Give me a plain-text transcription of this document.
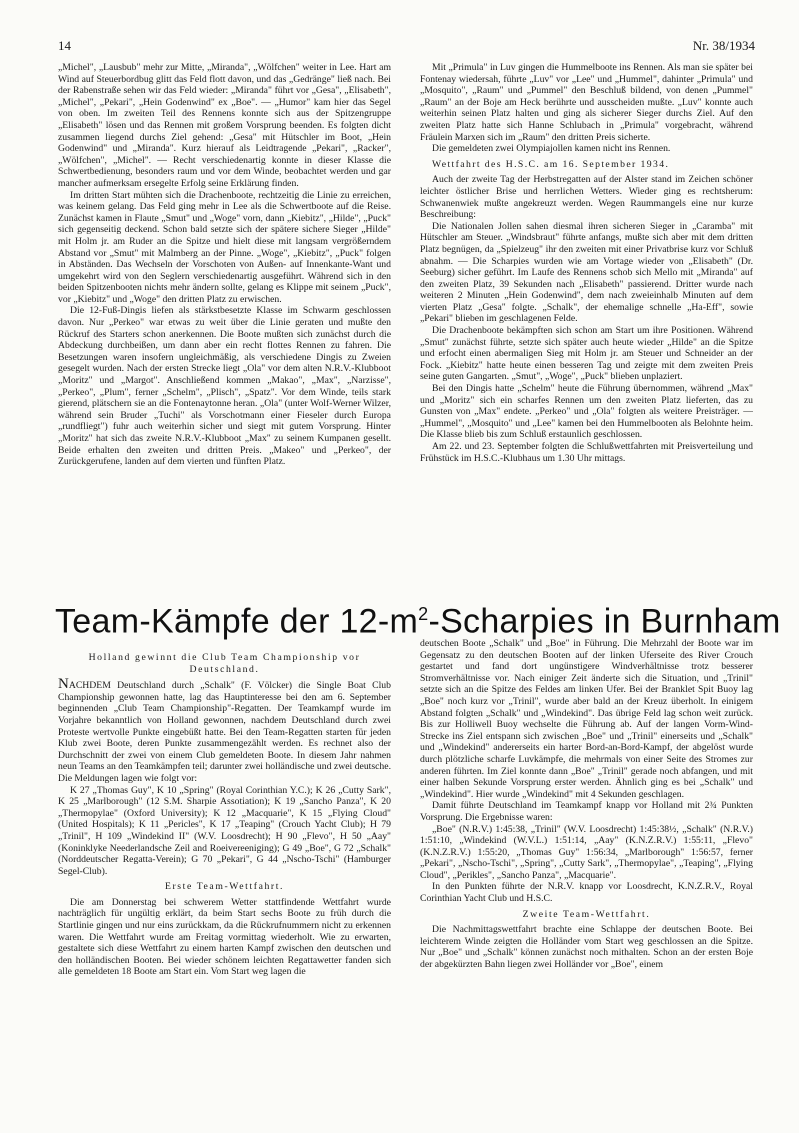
14	Nr. 38/1934

„Michel", „Lausbub" mehr zur Mitte, „Miranda", „Wölfchen" weiter in Lee. Hart am Wind auf Steuerbordbug glitt das Feld flott davon, und das „Gedränge" ließ nach. Bei der Rabenstraße sehen wir das Feld wieder: „Miranda" führt vor „Gesa", „Elisabeth", „Michel", „Pekari", „Hein Godenwind" ex „Boe". — „Humor" kam hier das Segel von oben. Im zweiten Teil des Rennens konnte sich aus der Spitzengruppe „Elisabeth" lösen und das Rennen mit großem Vorsprung beenden. Es folgten dicht zusammen liegend durchs Ziel gehend: „Gesa" mit Hütschler im Boot, „Hein Godenwind" und „Miranda". Kurz hierauf als Leidtragende „Pekari", „Racker", „Wölfchen", „Michel". — Recht verschiedenartig konnte in dieser Klasse die Schwertbedienung, besonders raum und vor dem Winde, beobachtet werden und gar mancher aufmerksam ersegelte Erfolg seine Erklärung finden.

Im dritten Start mühten sich die Drachenboote, rechtzeitig die Linie zu erreichen, was keinem gelang. Das Feld ging mehr in Lee als die Schwertboote auf die Reise. Zunächst kamen in Flaute „Smut" und „Woge" vorn, dann „Kiebitz", „Hilde", „Puck" sich gegenseitig deckend. Schon bald setzte sich der spätere sichere Sieger „Hilde" mit Holm jr. am Ruder an die Spitze und hielt diese mit langsam vergrößerndem Abstand vor „Smut" mit Malmberg an der Pinne. „Woge", „Kiebitz", „Puck" folgen in Abständen. Das Wechseln der Vorschoten von Außen- auf Innenkante-Want und umgekehrt wird von den Seglern verschiedenartig ausgeführt. Während sich in den beiden Spitzenbooten nichts mehr ändern sollte, gelang es Klippe mit seinem „Puck", vor „Kiebitz" und „Woge" den dritten Platz zu erwischen.

Die 12-Fuß-Dingis liefen als stärkstbesetzte Klasse im Schwarm geschlossen davon. Nur „Perkeo" war etwas zu weit über die Linie geraten und mußte den Rückruf des Starters schon anerkennen. Die Boote mußten sich zunächst durch die Abdeckung durchbeißen, um dann aber ein recht flottes Rennen zu fahren. Die Besetzungen waren insofern ungleichmäßig, als verschiedene Dingis zu Zweien gesegelt wurden. Nach der ersten Strecke liegt „Ola" vor dem alten N.R.V.-Klubboot „Moritz" und „Margot". Anschließend kommen „Makao", „Max", „Narzisse", „Perkeo", „Plum", ferner „Schelm", „Plisch", „Spatz". Vor dem Winde, teils stark gierend, plätschern sie an die Fontenaytonne heran. „Ola" (unter Wolf-Werner Wilzer, während sein Bruder „Tuchi" als Vorschotmann einer Fieseler durch Europa „rundfliegt") fuhr auch weiterhin sicher und siegt mit gutem Vorsprung. Hinter „Moritz" hat sich das zweite N.R.V.-Klubboot „Max" zu seinem Kumpanen gesellt. Beide erhalten den zweiten und dritten Preis. „Makeo" und „Perkeo", der Zurückgerufene, landen auf dem vierten und fünften Platz.

Mit „Primula" in Luv gingen die Hummelboote ins Rennen. Als man sie später bei Fontenay wiedersah, führte „Luv" vor „Lee" und „Hummel", dahinter „Primula" und „Mosquito", „Raum" und „Pummel" den Beschluß bildend, von denen „Pummel" „Raum" an der Boje am Heck berührte und ausscheiden mußte. „Luv" konnte auch weiterhin seinen Platz halten und ging als sicherer Sieger durchs Ziel. Auf den zweiten Platz hatte sich Hanne Schlubach in „Primula" vorgebracht, während Fräulein Marxen sich im „Raum" den dritten Preis sicherte.

Die gemeldeten zwei Olympiajollen kamen nicht ins Rennen.

Wettfahrt des H.S.C. am 16. September 1934.

Auch der zweite Tag der Herbstregatten auf der Alster stand im Zeichen schöner leichter östlicher Brise und herrlichen Wetters. Wieder ging es rechtsherum: Schwanenwiek mußte angekreuzt werden. Wegen Raummangels eine nur kurze Beschreibung:

Die Nationalen Jollen sahen diesmal ihren sicheren Sieger in „Caramba" mit Hütschler am Steuer. „Windsbraut" führte anfangs, mußte sich aber mit dem dritten Platz begnügen, da „Spielzeug" ihr den zweiten mit einer Privatbrise kurz vor Schluß abnahm. — Die Scharpies wurden wie am Vortage wieder von „Elisabeth" (Dr. Seeburg) sicher geführt. Im Laufe des Rennens schob sich Mello mit „Miranda" auf den zweiten Platz, 39 Sekunden nach „Elisabeth" passierend. Dritter wurde nach weiteren 2 Minuten „Hein Godenwind", dem nach zweieinhalb Minuten auf dem vierten Platz „Gesa" folgte. „Schalk", der ehemalige schnelle „Ha-Eff", sowie „Pekari" blieben im geschlagenen Felde.

Die Drachenboote bekämpften sich schon am Start um ihre Positionen. Während „Smut" zunächst führte, setzte sich später auch heute wieder „Hilde" an die Spitze und erfocht einen abermaligen Sieg mit Holm jr. am Steuer und Schneider an der Fock. „Kiebitz" hatte heute einen besseren Tag und zeigte mit dem zweiten Preis seine guten Gangarten. „Smut", „Woge", „Puck" blieben unplaziert.

Bei den Dingis hatte „Schelm" heute die Führung übernommen, während „Max" und „Moritz" sich ein scharfes Rennen um den zweiten Platz lieferten, das zu Gunsten von „Max" endete. „Perkeo" und „Ola" folgten als weitere Preisträger. — „Hummel", „Mosquito" und „Lee" kamen bei den Hummelbooten als Belohnte heim. Die Klasse blieb bis zum Schluß erstaunlich geschlossen.

Am 22. und 23. September folgten die Schlußwettfahrten mit Preisverteilung und Frühstück im H.S.C.-Klubhaus um 1.30 Uhr mittags.

Team-Kämpfe der $12-m^2$-Scharpies in Burnham

Holland gewinnt die Club Team Championship vor Deutschland.

NACHDEM Deutschland durch „Schalk" (F. Völcker) die Single Boat Club Championship gewonnen hatte, lag das Hauptinteresse bei den am 6. September beginnenden „Club Team Championship"-Regatten. Der Teamkampf wurde im Vorjahre bekanntlich von Holland gewonnen, nachdem Deutschland durch zwei Proteste wertvolle Punkte eingebüßt hatte. Bei den Team-Regatten starten für jeden Klub zwei Boote, deren Punkte zusammengezählt werden. Es rechnet also der Durchschnitt der zwei von einem Club gemeldeten Boote. In diesem Jahr nahmen neun Teams an den Teamkämpfen teil; darunter zwei holländische und zwei deutsche. Die Meldungen lagen wie folgt vor:

K 27 „Thomas Guy", K 10 „Spring" (Royal Corinthian Y.C.); K 26 „Cutty Sark", K 25 „Marlborough" (12 S.M. Sharpie Assotiation); K 19 „Sancho Panza", K 20 „Thermopylae" (Oxford University); K 12 „Macquarie", K 15 „Flying Cloud" (United Hospitals); K 11 „Pericles", K 17 „Teaping" (Crouch Yacht Club); H 79 „Trinil", H 109 „Windekind II" (W.V. Loosdrecht); H 90 „Flevo", H 50 „Aay" (Koninklyke Neederlandsche Zeil and Roeivereeniging); G 49 „Boe", G 72 „Schalk" (Norddeutscher Regatta-Verein); G 70 „Pekari", G 44 „Nscho-Tschi" (Hamburger Segel-Club).

Erste Team-Wettfahrt.

Die am Donnerstag bei schwerem Wetter stattfindende Wettfahrt wurde nachträglich für ungültig erklärt, da beim Start sechs Boote zu früh durch die Startlinie gingen und nur eins zurückkam, da die Rückrufnummern nicht zu erkennen waren. Die Wettfahrt wurde am Freitag vormittag wiederholt. Wie zu erwarten, gestaltete sich diese Wettfahrt zu einem harten Kampf zwischen den deutschen und den holländischen Booten. Bei wieder schönem leichten Regattawetter fanden sich alle gemeldeten 18 Boote am Start ein. Vom Start weg lagen die

deutschen Boote „Schalk" und „Boe" in Führung. Die Mehrzahl der Boote war im Gegensatz zu den deutschen Booten auf der linken Uferseite des River Crouch gestartet und fand dort ungünstigere Windverhältnisse trotz besserer Stromverhältnisse vor. Nach einiger Zeit änderte sich die Situation, und „Trinil" setzte sich an die Spitze des Feldes am linken Ufer. Bei der Branklet Spit Buoy lag „Boe" noch kurz vor „Trinil", wurde aber bald an der Kreuz überholt. In einigem Abstand folgten „Schalk" und „Windekind". Das übrige Feld lag schon weit zurück. Bis zur Holliwell Buoy wechselte die Führung ab. Auf der langen Vorm-Wind-Strecke ins Ziel entspann sich zwischen „Boe" und „Trinil" einerseits und „Schalk" und „Windekind" andererseits ein harter Bord-an-Bord-Kampf, der abgelöst wurde durch plötzliche scharfe Luvkämpfe, die mehrmals von einer Seite des Stromes zur anderen führten. Im Ziel konnte dann „Boe" „Trinil" gerade noch abfangen, und mit einer halben Sekunde Vorsprung erster werden. Ähnlich ging es bei „Schalk" und „Windekind". Hier wurde „Windekind" mit 4 Sekunden geschlagen.

Damit führte Deutschland im Teamkampf knapp vor Holland mit 2¾ Punkten Vorsprung. Die Ergebnisse waren:

„Boe" (N.R.V.) 1:45:38, „Trinil" (W.V. Loosdrecht) 1:45:38½, „Schalk" (N.R.V.) 1:51:10, „Windekind (W.V.L.) 1:51:14, „Aay" (K.N.Z.R.V.) 1:55:11, „Flevo" (K.N.Z.R.V.) 1:55:20, „Thomas Guy" 1:56:34, „Marlborough" 1:56:57, ferner „Pekari", „Nscho-Tschi", „Spring", „Cutty Sark", „Thermopylae", „Teaping", „Flying Cloud", „Perikles", „Sancho Panza", „Macquarie".

In den Punkten führte der N.R.V. knapp vor Loosdrecht, K.N.Z.R.V., Royal Corinthian Yacht Club und H.S.C.

Zweite Team-Wettfahrt.

Die Nachmittagswettfahrt brachte eine Schlappe der deutschen Boote. Bei leichterem Winde zeigten die Holländer vom Start weg geschlossen an die Spitze. Nur „Boe" und „Schalk" können zunächst noch mithalten. Schon an der ersten Boje der abgekürzten Bahn liegen zwei Holländer vor „Boe", einem
